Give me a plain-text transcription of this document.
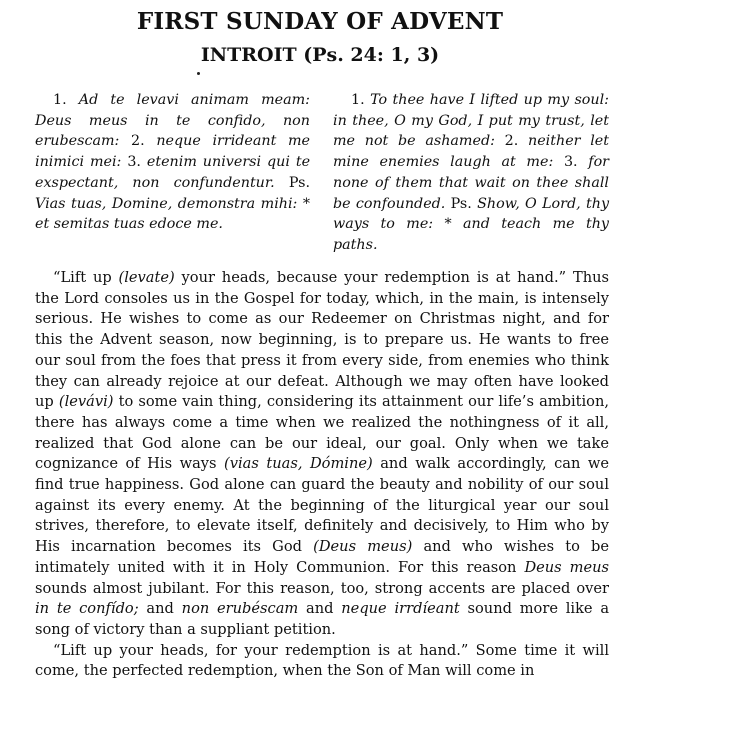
FIRST SUNDAY OF ADVENT
INTROIT (Ps. 24: 1, 3)
1. Ad te levavi animam meam: Deus meus in te confido, non erubescam: 2. neque irrideant me inimici mei: 3. etenim universi qui te exspectant, non confundentur. Ps. Vias tuas, Domine, demonstra mihi: * et semitas tuas edoce me.
1. To thee have I lifted up my soul: in thee, O my God, I put my trust, let me not be ashamed: 2. neither let mine enemies laugh at me: 3. for none of them that wait on thee shall be confounded. Ps. Show, O Lord, thy ways to me: * and teach me thy paths.

“Lift up (levate) your heads, because your redemption is at hand.” Thus the Lord consoles us in the Gospel for today, which, in the main, is intensely serious. He wishes to come as our Redeemer on Christmas night, and for this the Advent season, now beginning, is to prepare us. He wants to free our soul from the foes that press it from every side, from enemies who think they can already rejoice at our defeat. Although we may often have looked up (levávi) to some vain thing, considering its attainment our life’s ambition, there has always come a time when we realized the nothingness of it all, realized that God alone can be our ideal, our goal. Only when we take cognizance of His ways (vias tuas, Dómine) and walk accordingly, can we find true happiness. God alone can guard the beauty and nobility of our soul against its every enemy. At the beginning of the liturgical year our soul strives, therefore, to elevate itself, definitely and decisively, to Him who by His incarnation becomes its God (Deus meus) and who wishes to be intimately united with it in Holy Communion. For this reason Deus meus sounds almost jubilant. For this reason, too, strong accents are placed over in te confído; and non erubéscam and neque irrdíeant sound more like a song of victory than a suppliant petition.

“Lift up your heads, for your redemption is at hand.” Some time it will come, the perfected redemption, when the Son of Man will come in
